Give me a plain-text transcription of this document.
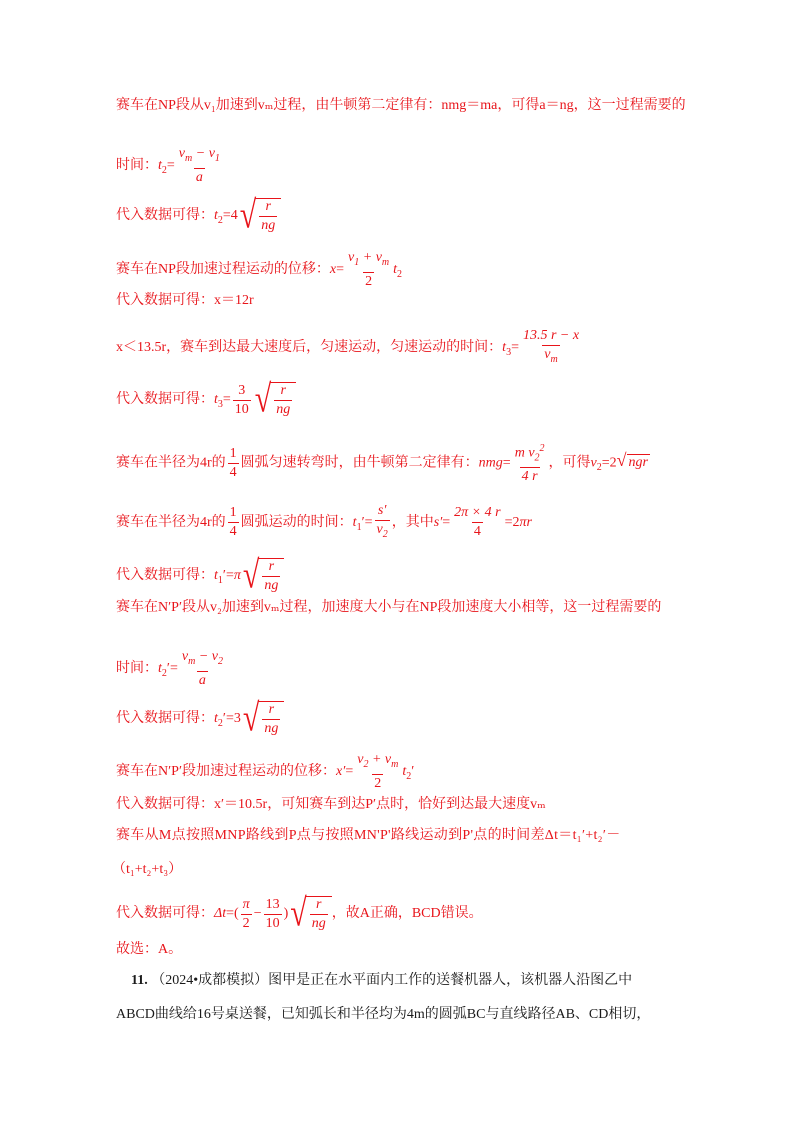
赛车在NP段从v₁加速到vₘ过程，由牛顿第二定律有：nmg＝ma，可得a＝ng，这一过程需要的
时间：$t_2= \frac{v_m - v_1}{a}$
代入数据可得：$t_2=4$ √ $\frac{r}{ng}$
赛车在NP段加速过程运动的位移：$x= \frac{v_1 + v_m}{2} t_2$
代入数据可得：x＝12r
x＜13.5r，赛车到达最大速度后，匀速运动，匀速运动的时间：$t_3= \frac{13.5 r - x}{v_m}$
代入数据可得：$t_3= \frac{3}{10}$ √ $\frac{r}{ng}$
赛车在半径为4r的 $\frac{1}{4}$ 圆弧匀速转弯时，由牛顿第二定律有：$nmg= \frac{m v_2^2}{4 r}$ ，可得$v_2=2√$ ngr
赛车在半径为4r的 $\frac{1}{4}$ 圆弧运动的时间：$t_1'= \frac{s'}{v_2}$ ，其中$s'= \frac{2\pi \times 4 r}{4} =2\pi r$
代入数据可得：$t_1'=\pi$ √ $\frac{r}{ng}$
赛车在N′P′段从v₂加速到vₘ过程，加速度大小与在NP段加速度大小相等，这一过程需要的
时间：$t_2'= \frac{v_m - v_2}{a}$
代入数据可得：$t_2'=3$ √ $\frac{r}{ng}$
赛车在N′P′段加速过程运动的位移：$x'= \frac{v_2 + v_m}{2} t_2'$
代入数据可得：x′＝10.5r，可知赛车到达P′点时，恰好到达最大速度vₘ
赛车从M点按照MNP路线到P点与按照MN'P'路线运动到P'点的时间差Δt＝t₁′+t₂′－
（t₁+t₂+t₃）
代入数据可得：$\Delta t=( \frac{\pi}{2} - \frac{13}{10}$ ) √ $\frac{r}{ng}$ ，故A正确，BCD错误。
故选：A。
11. （2024•成都模拟）图甲是正在水平面内工作的送餐机器人，该机器人沿图乙中
ABCD曲线给16号桌送餐，已知弧长和半径均为4m的圆弧BC与直线路径AB、CD相切，
